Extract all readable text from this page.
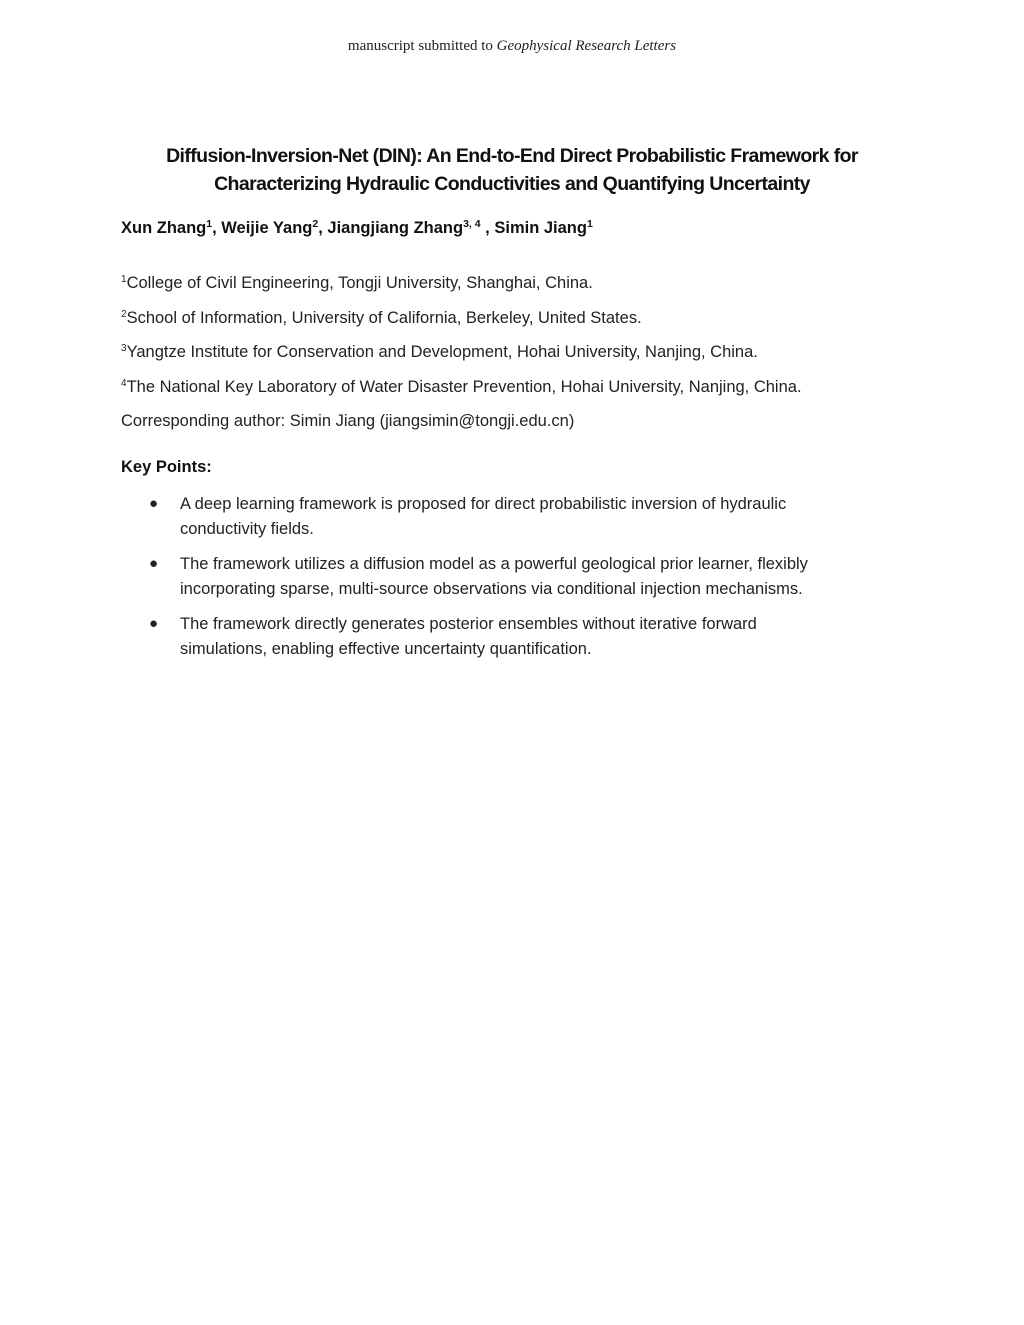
manuscript submitted to Geophysical Research Letters
Diffusion-Inversion-Net (DIN): An End-to-End Direct Probabilistic Framework for
Characterizing Hydraulic Conductivities and Quantifying Uncertainty
Xun Zhang$^1$, Weijie Yang$^2$, Jiangjiang Zhang$^{3, 4}$ , Simin Jiang$^1$
$^1$College of Civil Engineering, Tongji University, Shanghai, China.
$^2$School of Information, University of California, Berkeley, United States.
$^3$Yangtze Institute for Conservation and Development, Hohai University, Nanjing, China.
$^4$The National Key Laboratory of Water Disaster Prevention, Hohai University, Nanjing, China.
Corresponding author: Simin Jiang (jiangsimin@tongji.edu.cn)
Key Points:
●	A deep learning framework is proposed for direct probabilistic inversion of hydraulic
conductivity fields.
●	The framework utilizes a diffusion model as a powerful geological prior learner, flexibly
incorporating sparse, multi-source observations via conditional injection mechanisms.
●	The framework directly generates posterior ensembles without iterative forward
simulations, enabling effective uncertainty quantification.
